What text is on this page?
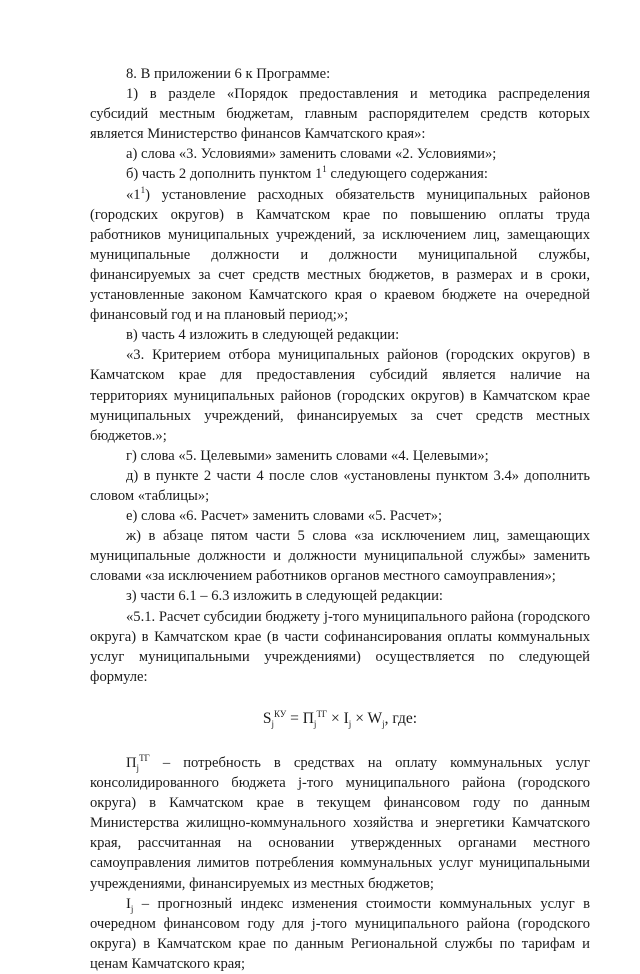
8. В приложении 6 к Программе:

1) в разделе «Порядок предоставления и методика распределения субсидий местным бюджетам, главным распорядителем средств которых является Министерство финансов Камчатского края»:

а) слова «3. Условиями» заменить словами «2. Условиями»;

б) часть 2 дополнить пунктом $1^1$ следующего содержания:

«$1^1$) установление расходных обязательств муниципальных районов (городских округов) в Камчатском крае по повышению оплаты труда работников муниципальных учреждений, за исключением лиц, замещающих муниципальные должности и должности муниципальной службы, финансируемых за счет средств местных бюджетов, в размерах и в сроки, установленные законом Камчатского края о краевом бюджете на очередной финансовый год и на плановый период;»;

в) часть 4 изложить в следующей редакции:

«3. Критерием отбора муниципальных районов (городских округов) в Камчатском крае для предоставления субсидий является наличие на территориях муниципальных районов (городских округов) в Камчатском крае муниципальных учреждений, финансируемых за счет средств местных бюджетов.»;

г) слова «5. Целевыми» заменить словами «4. Целевыми»;

д) в пункте 2 части 4 после слов «установлены пунктом 3.4» дополнить словом «таблицы»;

е) слова «6. Расчет» заменить словами «5. Расчет»;

ж) в абзаце пятом части 5 слова «за исключением лиц, замещающих муниципальные должности и должности муниципальной службы» заменить словами «за исключением работников органов местного самоуправления»;

з) части 6.1 – 6.3 изложить в следующей редакции:

«5.1. Расчет субсидии бюджету j-того муниципального района (городского округа) в Камчатском крае (в части софинансирования оплаты коммунальных услуг муниципальными учреждениями) осуществляется по следующей формуле:

$S_j^{КУ} = П_j^{ТГ} \times I_j \times W_j$, где:

$П_j^{ТГ}$ – потребность в средствах на оплату коммунальных услуг консолидированного бюджета j-того муниципального района (городского округа) в Камчатском крае в текущем финансовом году по данным Министерства жилищно-коммунального хозяйства и энергетики Камчатского края, рассчитанная на основании утвержденных органами местного самоуправления лимитов потребления коммунальных услуг муниципальными учреждениями, финансируемых из местных бюджетов;

$I_j$ – прогнозный индекс изменения стоимости коммунальных услуг в очередном финансовом году для j-того муниципального района (городского округа) в Камчатском крае по данным Региональной службы по тарифам и ценам Камчатского края;
